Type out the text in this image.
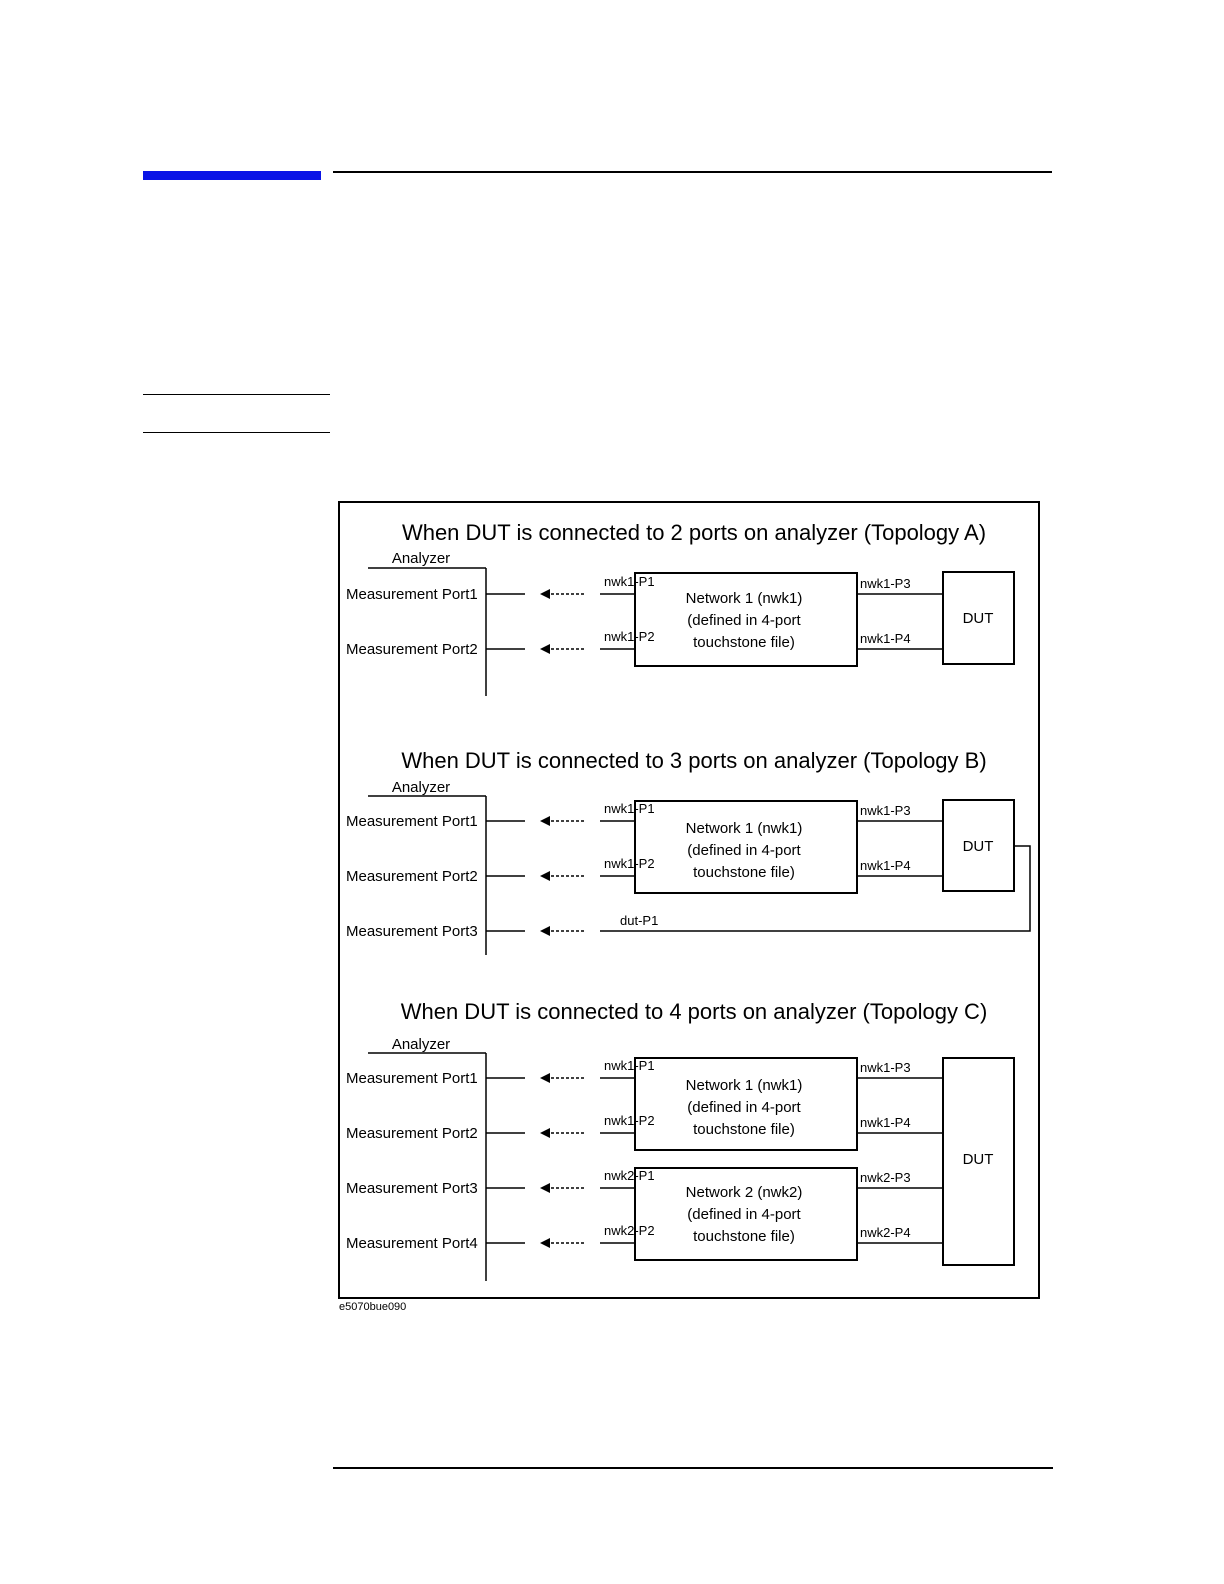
e5070bue090
When DUT is connected to 2 ports on analyzer (Topology A)
Analyzer
Measurement Port1
Measurement Port2
Network 1 (nwk1)
(defined in 4-port
touchstone file)
nwk1-P1
nwk1-P2
nwk1-P3
nwk1-P4
DUT
When DUT is connected to 3 ports on analyzer (Topology B)
Analyzer
Measurement Port1
Measurement Port2
Measurement Port3
Network 1 (nwk1)
(defined in 4-port
touchstone file)
nwk1-P1
nwk1-P2
nwk1-P3
nwk1-P4
DUT
dut-P1
When DUT is connected to 4 ports on analyzer (Topology C)
Analyzer
Measurement Port1
Measurement Port2
Measurement Port3
Measurement Port4
Network 1 (nwk1)
(defined in 4-port
touchstone file)
nwk1-P1
nwk1-P2
nwk1-P3
nwk1-P4
Network 2 (nwk2)
(defined in 4-port
touchstone file)
nwk2-P1
nwk2-P2
nwk2-P3
nwk2-P4
DUT
